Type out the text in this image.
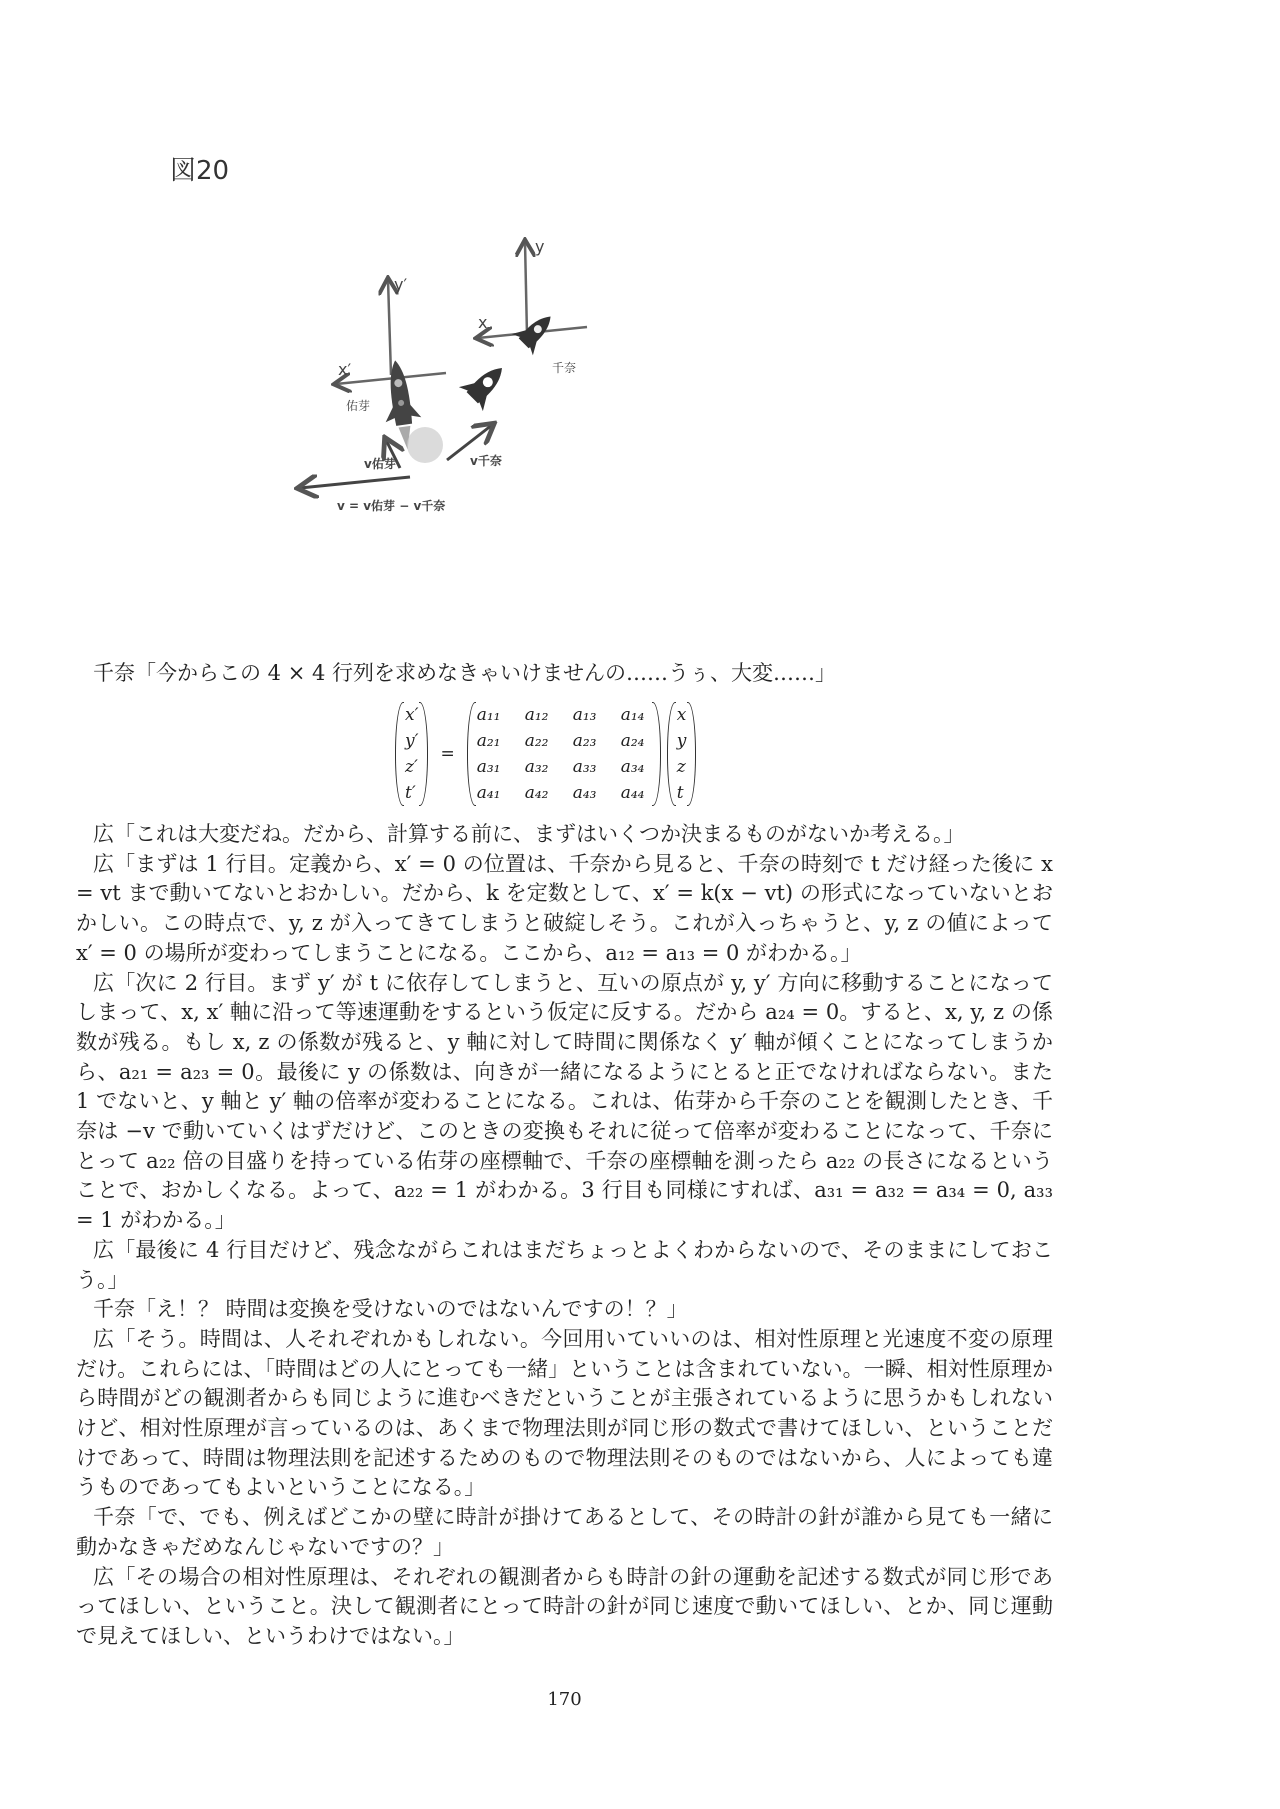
図20
y′
x′
佑芽
y
x
千奈
v佑芽	v千奈
v = v佑芽 − v千奈
千奈「今からこの 4 × 4 行列を求めなきゃいけませんの……うぅ、大変……」
x′
y′
z′
t′
=
a₁₁	a₁₂	a₁₃	a₁₄
a₂₁	a₂₂	a₂₃	a₂₄
a₃₁	a₃₂	a₃₃	a₃₄
a₄₁	a₄₂	a₄₃	a₄₄
x
y
z
t

広「これは大変だね。だから、計算する前に、まずはいくつか決まるものがないか考える。」

広「まずは 1 行目。定義から、x′ = 0 の位置は、千奈から見ると、千奈の時刻で t だけ経った後に x = vt まで動いてないとおかしい。だから、k を定数として、x′ = k(x − vt) の形式になっていないとおかしい。この時点で、y, z が入ってきてしまうと破綻しそう。これが入っちゃうと、y, z の値によって x′ = 0 の場所が変わってしまうことになる。ここから、a₁₂ = a₁₃ = 0 がわかる。」

広「次に 2 行目。まず y′ が t に依存してしまうと、互いの原点が y, y′ 方向に移動することになってしまって、x, x′ 軸に沿って等速運動をするという仮定に反する。だから a₂₄ = 0。すると、x, y, z の係数が残る。もし x, z の係数が残ると、y 軸に対して時間に関係なく y′ 軸が傾くことになってしまうから、a₂₁ = a₂₃ = 0。最後に y の係数は、向きが一緒になるようにとると正でなければならない。また 1 でないと、y 軸と y′ 軸の倍率が変わることになる。これは、佑芽から千奈のことを観測したとき、千奈は −v で動いていくはずだけど、このときの変換もそれに従って倍率が変わることになって、千奈にとって a₂₂ 倍の目盛りを持っている佑芽の座標軸で、千奈の座標軸を測ったら a₂₂ の長さになるということで、おかしくなる。よって、a₂₂ = 1 がわかる。3 行目も同様にすれば、a₃₁ = a₃₂ = a₃₄ = 0, a₃₃ = 1 がわかる。」

広「最後に 4 行目だけど、残念ながらこれはまだちょっとよくわからないので、そのままにしておこう。」

千奈「え！？ 時間は変換を受けないのではないんですの！？」

広「そう。時間は、人それぞれかもしれない。今回用いていいのは、相対性原理と光速度不変の原理だけ。これらには、「時間はどの人にとっても一緒」ということは含まれていない。一瞬、相対性原理から時間がどの観測者からも同じように進むべきだということが主張されているように思うかもしれないけど、相対性原理が言っているのは、あくまで物理法則が同じ形の数式で書けてほしい、ということだけであって、時間は物理法則を記述するためのもので物理法則そのものではないから、人によっても違うものであってもよいということになる。」

千奈「で、でも、例えばどこかの壁に時計が掛けてあるとして、その時計の針が誰から見ても一緒に動かなきゃだめなんじゃないですの？」

広「その場合の相対性原理は、それぞれの観測者からも時計の針の運動を記述する数式が同じ形であってほしい、ということ。決して観測者にとって時計の針が同じ速度で動いてほしい、とか、同じ運動で見えてほしい、というわけではない。」

170
